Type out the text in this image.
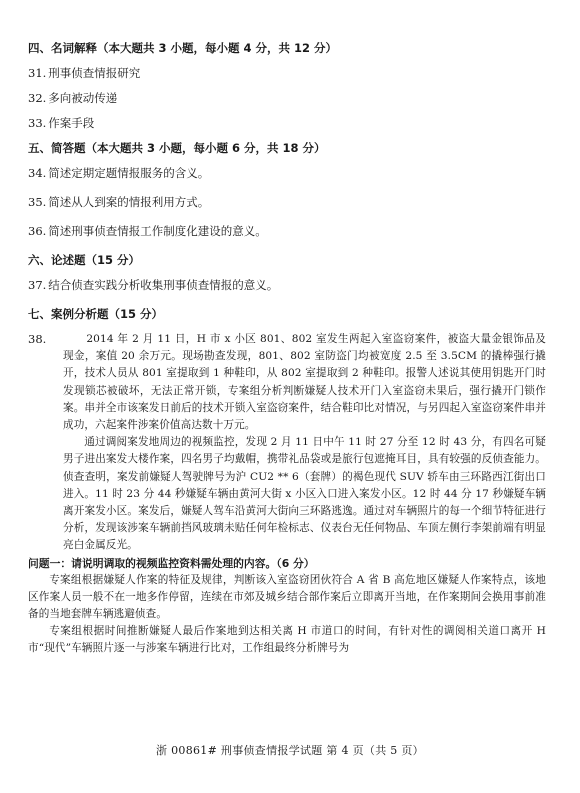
四、名词解释（本大题共 3 小题，每小题 4 分，共 12 分）
31. 刑事侦查情报研究
32. 多向被动传递
33. 作案手段
五、简答题（本大题共 3 小题，每小题 6 分，共 18 分）
34. 简述定期定题情报服务的含义。
35. 简述从人到案的情报利用方式。
36. 简述刑事侦查情报工作制度化建设的意义。
六、论述题（15 分）
37. 结合侦查实践分析收集刑事侦查情报的意义。
七、案例分析题（15 分）
38.	2014 年 2 月 11 日，H 市 x 小区 801、802 室发生两起入室盗窃案件，被盗大量金银饰品及现金，案值 20 余万元。现场勘查发现，801、802 室防盗门均被宽度 2.5 至 3.5CM 的撬棒强行撬开，技术人员从 801 室提取到 1 种鞋印，从 802 室提取到 2 种鞋印。报警人述说其使用钥匙开门时发现锁芯被破坏，无法正常开锁，专案组分析判断嫌疑人技术开门入室盗窃未果后，强行撬开门锁作案。串并全市该案发日前后的技术开锁入室盗窃案件，结合鞋印比对情况，与另四起入室盗窃案件串并成功，六起案件涉案价值高达数十万元。

通过调阅案发地周边的视频监控，发现 2 月 11 日中午 11 时 27 分至 12 时 43 分，有四名可疑男子进出案发大楼作案，四名男子均戴帽，携带礼品袋或是旅行包遮掩耳目，具有较强的反侦查能力。侦查查明，案发前嫌疑人驾驶牌号为沪 CU2 ** 6（套牌）的褐色现代 SUV 轿车由三环路西江街出口进入。11 时 23 分 44 秒嫌疑车辆由黄河大街 x 小区入口进入案发小区。12 时 44 分 17 秒嫌疑车辆离开案发小区。案发后，嫌疑人驾车沿黄河大街向三环路逃逸。通过对车辆照片的每一个细节特征进行分析，发现该涉案车辆前挡风玻璃未贴任何年检标志、仪表台无任何物品、车顶左侧行李架前端有明显亮白金属反光。

问题一：请说明调取的视频监控资料需处理的内容。（6 分）

专案组根据嫌疑人作案的特征及规律，判断该入室盗窃团伙符合 A 省 B 高危地区嫌疑人作案特点，该地区作案人员一般不在一地多作停留，连续在市郊及城乡结合部作案后立即离开当地，在作案期间会换用事前准备的当地套牌车辆逃避侦查。

专案组根据时间推断嫌疑人最后作案地到达相关离 H 市道口的时间，有针对性的调阅相关道口离开 H 市“现代”车辆照片逐一与涉案车辆进行比对，工作组最终分析牌号为

浙 00861# 刑事侦查情报学试题 第 4 页（共 5 页）
